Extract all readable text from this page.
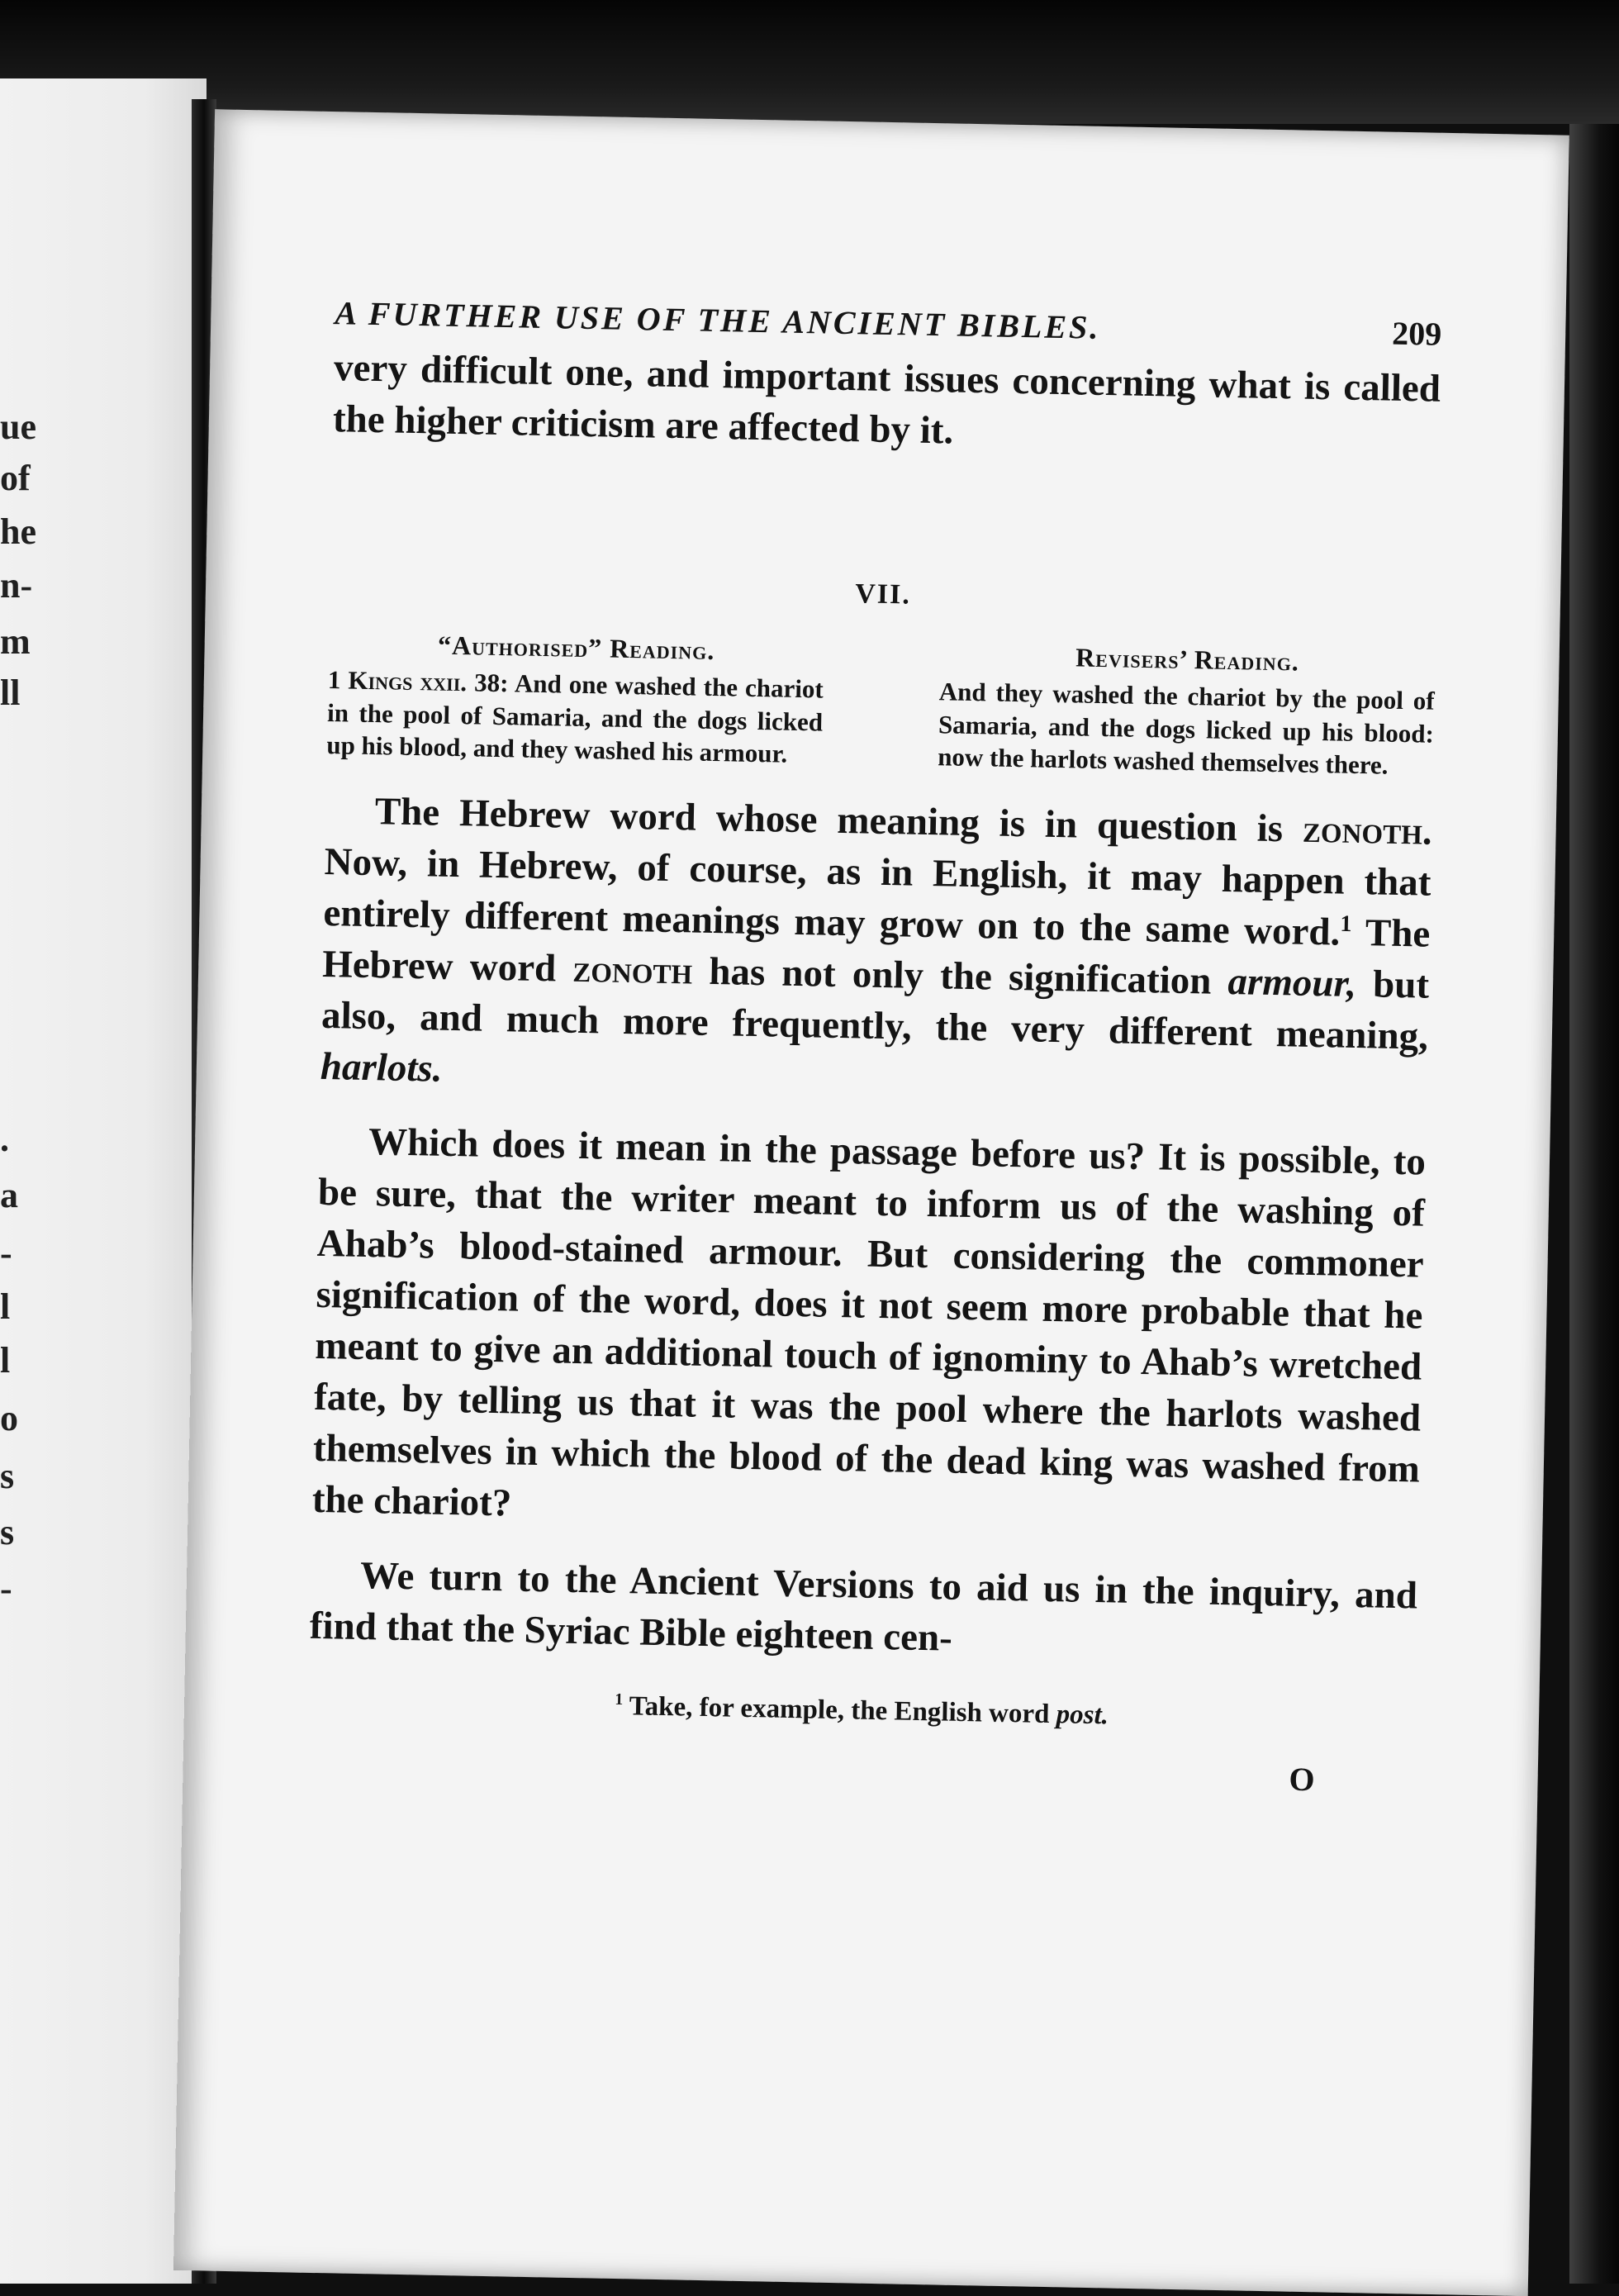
ue
of
he
n-
m
ll
.
a
-
l
l
o
s
s
-
A FURTHER USE OF THE ANCIENT BIBLES.	209

very difficult one, and important issues concerning what is called the higher criticism are affected by it.

VII.
“Authorised” Reading.

1 Kings xxii. 38: And one washed the chariot in the pool of Samaria, and the dogs licked up his blood, and they washed his armour.

Revisers’ Reading.

And they washed the chariot by the pool of Samaria, and the dogs licked up his blood: now the harlots washed themselves there.

The Hebrew word whose meaning is in question is zonoth. Now, in Hebrew, of course, as in English, it may happen that entirely different meanings may grow on to the same word.$^1$ The Hebrew word zonoth has not only the signification armour, but also, and much more frequently, the very different meaning, harlots.

Which does it mean in the passage before us? It is possible, to be sure, that the writer meant to inform us of the washing of Ahab’s blood-stained armour. But considering the commoner signification of the word, does it not seem more probable that he meant to give an additional touch of ignominy to Ahab’s wretched fate, by telling us that it was the pool where the harlots washed themselves in which the blood of the dead king was washed from the chariot?

We turn to the Ancient Versions to aid us in the inquiry, and find that the Syriac Bible eighteen cen-

$^1$ Take, for example, the English word post.
O
